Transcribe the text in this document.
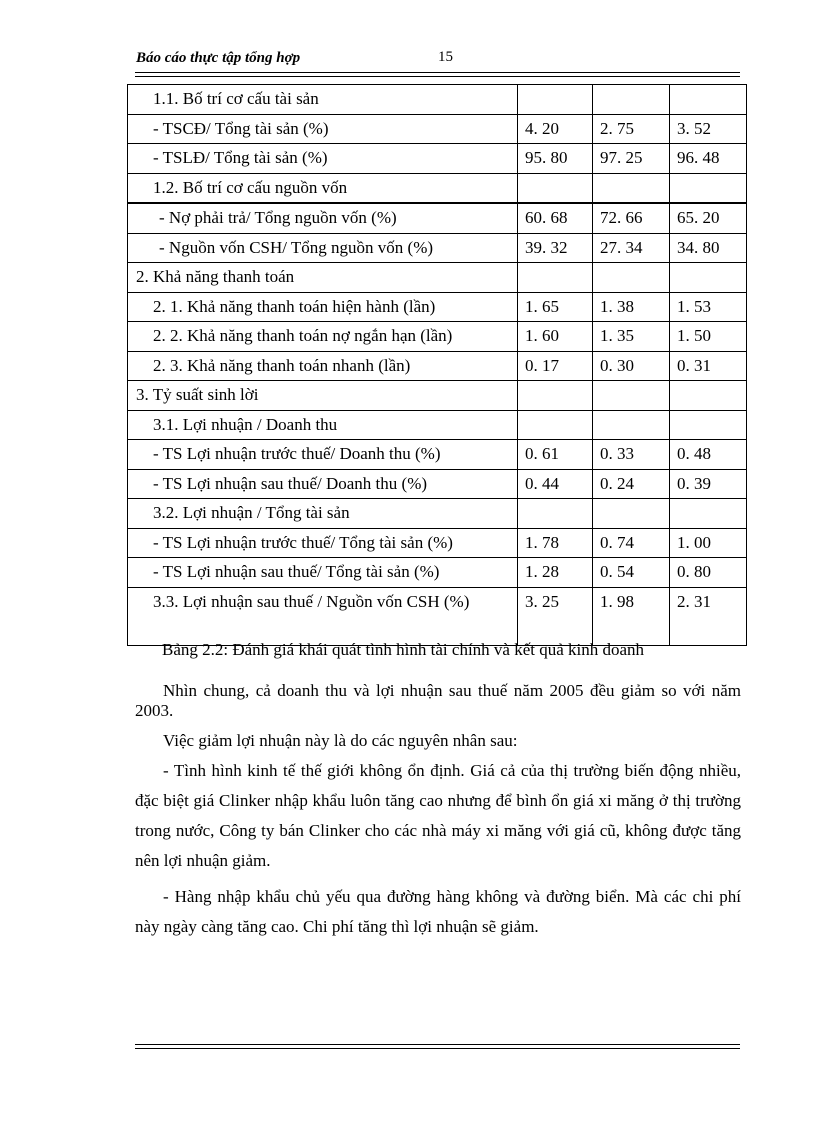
Báo cáo thực tập tổng hợp	15
1.1. Bố trí cơ cấu tài sản			
- TSCĐ/ Tổng tài sản (%)	4. 20	2. 75	3. 52
- TSLĐ/ Tổng tài sản (%)	95. 80	97. 25	96. 48
1.2. Bố trí cơ cấu nguồn vốn			
- Nợ phải trả/ Tổng nguồn vốn (%)	60. 68	72. 66	65. 20
- Nguồn vốn CSH/ Tổng nguồn vốn (%)	39. 32	27. 34	34. 80
2. Khả năng thanh toán			
2. 1. Khả năng thanh toán hiện hành (lần)	1. 65	1. 38	1. 53
2. 2. Khả năng thanh toán nợ ngắn hạn (lần)	1. 60	1. 35	1. 50
2. 3. Khả năng thanh toán nhanh (lần)	0. 17	0. 30	0. 31
3. Tỷ suất sinh lời			
3.1. Lợi nhuận / Doanh thu			
- TS Lợi nhuận trước thuế/ Doanh thu (%)	0. 61	0. 33	0. 48
- TS Lợi nhuận sau thuế/ Doanh thu (%)	0. 44	0. 24	0. 39
3.2. Lợi nhuận / Tổng tài sản			
- TS Lợi nhuận trước thuế/ Tổng tài sản (%)	1. 78	0. 74	1. 00
- TS Lợi nhuận sau thuế/ Tổng tài sản (%)	1. 28	0. 54	0. 80
3.3. Lợi nhuận sau thuế / Nguồn vốn CSH (%)	3. 25	1. 98	2. 31
Bảng 2.2: Đánh giá khái quát tình hình tài chính và kết quả kinh doanh
Nhìn chung, cả doanh thu và lợi nhuận sau thuế năm 2005 đều giảm so với năm 2003.
Việc giảm lợi nhuận này là do các nguyên nhân sau:
- Tình hình kinh tế thế giới không ổn định. Giá cả của thị trường biến động nhiều, đặc biệt giá Clinker nhập khẩu luôn tăng cao nhưng để bình ổn giá xi măng ở thị trường trong nước, Công ty bán Clinker cho các nhà máy xi măng với giá cũ, không được tăng nên lợi nhuận giảm.
- Hàng nhập khẩu chủ yếu qua đường hàng không và đường biển. Mà các chi phí này ngày càng tăng cao. Chi phí tăng thì lợi nhuận sẽ giảm.
